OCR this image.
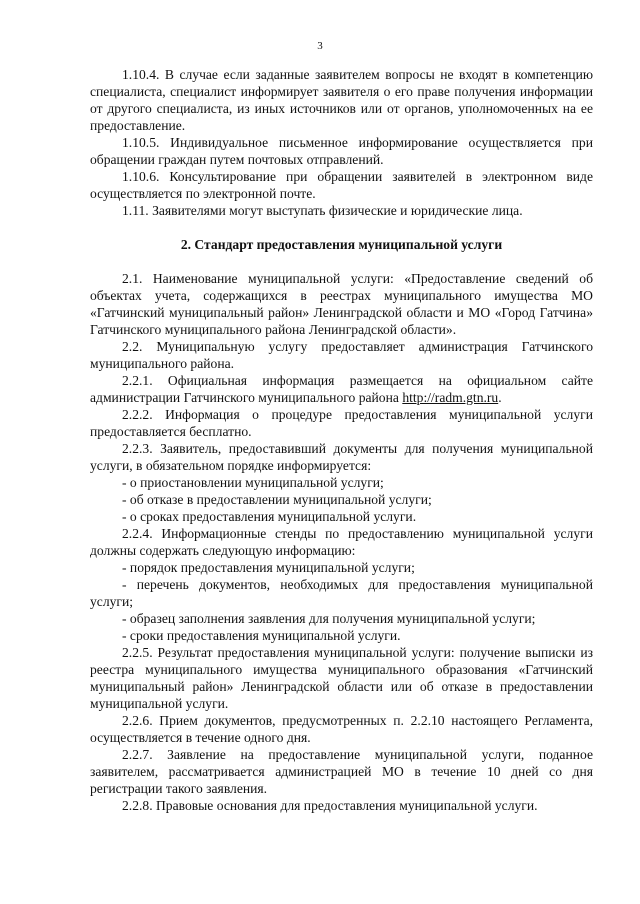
3

1.10.4. В случае если заданные заявителем вопросы не входят в компетенцию специалиста, специалист информирует заявителя о его праве получения информации от другого специалиста, из иных источников или от органов, уполномоченных на ее предоставление.

1.10.5. Индивидуальное письменное информирование осуществляется при обращении граждан путем почтовых отправлений.

1.10.6. Консультирование при обращении заявителей в электронном виде осуществляется по электронной почте.

1.11. Заявителями могут выступать физические и юридические лица.

2. Стандарт предоставления муниципальной услуги

2.1. Наименование муниципальной услуги: «Предоставление сведений об объектах учета, содержащихся в реестрах муниципального имущества МО «Гатчинский муниципальный район» Ленинградской области и МО «Город Гатчина» Гатчинского муниципального района Ленинградской области».

2.2. Муниципальную услугу предоставляет администрация Гатчинского муниципального района.

2.2.1. Официальная информация размещается на официальном сайте администрации Гатчинского муниципального района http://radm.gtn.ru.

2.2.2. Информация о процедуре предоставления муниципальной услуги предоставляется бесплатно.

2.2.3. Заявитель, предоставивший документы для получения муниципальной услуги, в обязательном порядке информируется:

- о приостановлении муниципальной услуги;

- об отказе в предоставлении муниципальной услуги;

- о сроках предоставления муниципальной услуги.

2.2.4. Информационные стенды по предоставлению муниципальной услуги должны содержать следующую информацию:

- порядок предоставления муниципальной услуги;

- перечень документов, необходимых для предоставления муниципальной услуги;

- образец заполнения заявления для получения муниципальной услуги;

- сроки предоставления муниципальной услуги.

2.2.5. Результат предоставления муниципальной услуги: получение выписки из реестра муниципального имущества муниципального образования «Гатчинский муниципальный район» Ленинградской области или об отказе в предоставлении муниципальной услуги.

2.2.6. Прием документов, предусмотренных п. 2.2.10 настоящего Регламента, осуществляется в течение одного дня.

2.2.7. Заявление на предоставление муниципальной услуги, поданное заявителем, рассматривается администрацией МО в течение 10 дней со дня регистрации такого заявления.

2.2.8. Правовые основания для предоставления муниципальной услуги.
